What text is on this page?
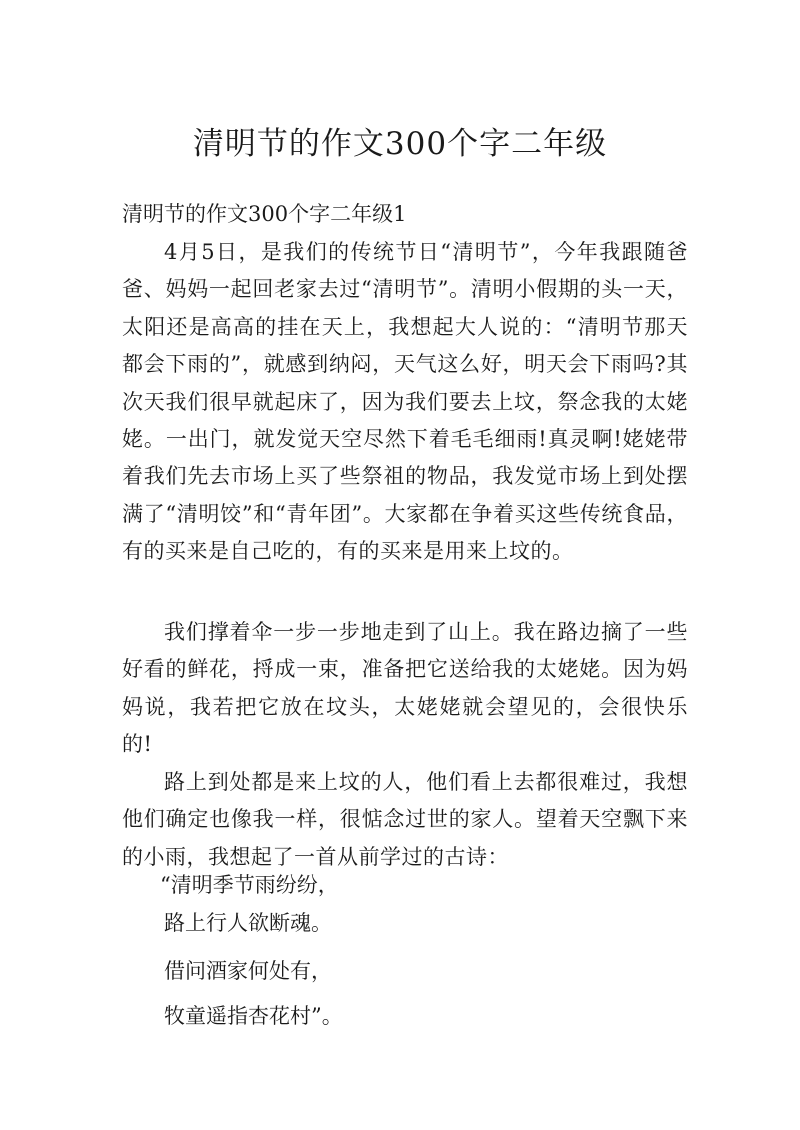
清明节的作文300个字二年级

清明节的作文300个字二年级1

4月5日，是我们的传统节日“清明节”，今年我跟随爸爸、妈妈一起回老家去过“清明节”。清明小假期的头一天，太阳还是高高的挂在天上，我想起大人说的：“清明节那天都会下雨的”，就感到纳闷，天气这么好，明天会下雨吗?其次天我们很早就起床了，因为我们要去上坟，祭念我的太姥姥。一出门，就发觉天空尽然下着毛毛细雨!真灵啊!姥姥带着我们先去市场上买了些祭祖的物品，我发觉市场上到处摆满了“清明饺”和“青年团”。大家都在争着买这些传统食品，有的买来是自己吃的，有的买来是用来上坟的。

我们撑着伞一步一步地走到了山上。我在路边摘了一些好看的鲜花，捋成一束，准备把它送给我的太姥姥。因为妈妈说，我若把它放在坟头，太姥姥就会望见的，会很快乐的!

路上到处都是来上坟的人，他们看上去都很难过，我想他们确定也像我一样，很惦念过世的家人。望着天空飘下来的小雨，我想起了一首从前学过的古诗：

“清明季节雨纷纷，

路上行人欲断魂。

借问酒家何处有，

牧童遥指杏花村”。
